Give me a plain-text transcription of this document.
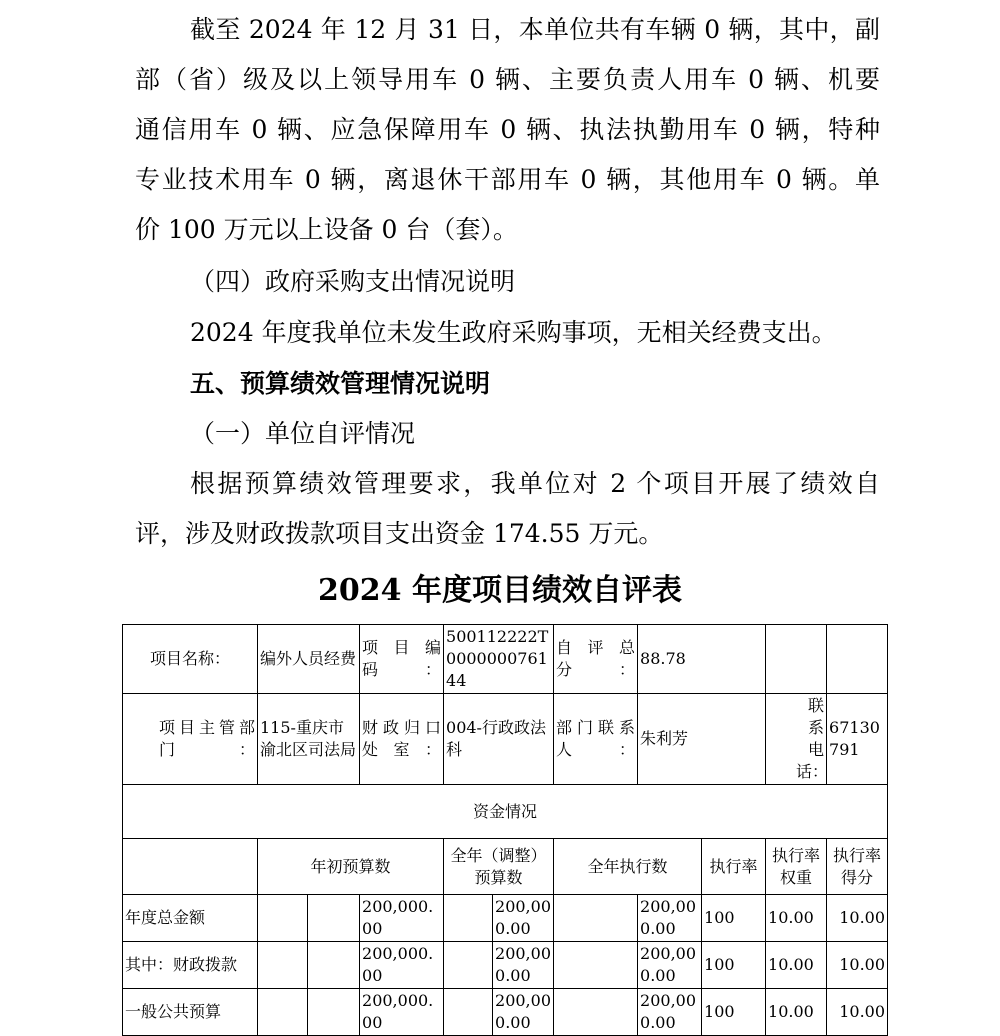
截至 2024 年 12 月 31 日，本单位共有车辆 0 辆，其中，副

部（省）级及以上领导用车 0 辆、主要负责人用车 0 辆、机要

通信用车 0 辆、应急保障用车 0 辆、执法执勤用车 0 辆，特种

专业技术用车 0 辆，离退休干部用车 0 辆，其他用车 0 辆。单

价 100 万元以上设备 0 台（套）。

（四）政府采购支出情况说明

2024 年度我单位未发生政府采购事项，无相关经费支出。

五、预算绩效管理情况说明

（一）单位自评情况

根据预算绩效管理要求，我单位对 2 个项目开展了绩效自

评，涉及财政拨款项目支出资金 174.55 万元。

2024 年度项目绩效自评表

项目名称：	编外人员经费		项目编码：	500112222T000000076144		自评总分：	88.78			
项目主管部门：	115-重庆市渝北区司法局		财政归口处室：	004-行政政法科		部门联系人：	朱利芳		联系电话：	67130791
资金情况										
	年初预算数			全年（调整）预算数		全年执行数		执行率	执行率权重	执行率得分
年度总金额			200,000.00		200,000.00		200,000.00	100	10.00	10.00
其中：财政拨款			200,000.00		200,000.00		200,000.00	100	10.00	10.00
一般公共预算			200,000.00		200,000.00		200,000.00	100	10.00	10.00
